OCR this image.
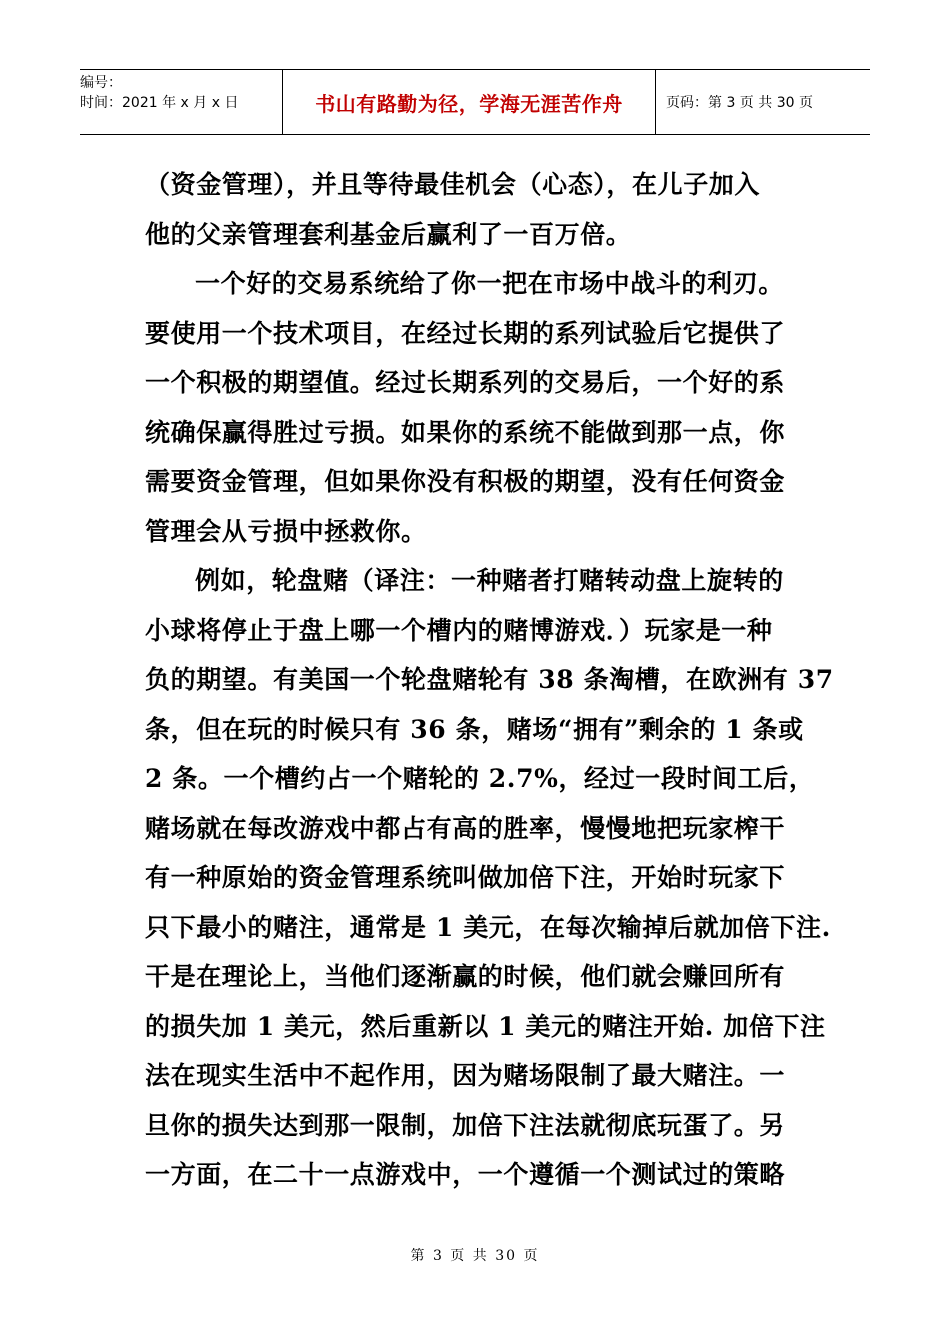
编号：
时间：2021 年 x 月 x 日	书山有路勤为径，学海无涯苦作舟	页码：第 3 页 共 30 页
（资金管理），并且等待最佳机会（心态），在儿子加入
他的父亲管理套利基金后赢利了一百万倍。
一个好的交易系统给了你一把在市场中战斗的利刃。
要使用一个技术项目，在经过长期的系列试验后它提供了
一个积极的期望值。经过长期系列的交易后，一个好的系
统确保赢得胜过亏损。如果你的系统不能做到那一点，你
需要资金管理，但如果你没有积极的期望，没有任何资金
管理会从亏损中拯救你。
例如，轮盘赌（译注：一种赌者打赌转动盘上旋转的
小球将停止于盘上哪一个槽内的赌博游戏．）玩家是一种
负的期望。有美国一个轮盘赌轮有 38 条淘槽，在欧洲有 37
条，但在玩的时候只有 36 条，赌场“拥有”剩余的 1 条或
2 条。一个槽约占一个赌轮的 2.7%，经过一段时间工后，
赌场就在每改游戏中都占有高的胜率，慢慢地把玩家榨干
有一种原始的资金管理系统叫做加倍下注，开始时玩家下
只下最小的赌注，通常是 1 美元，在每次输掉后就加倍下注.
干是在理论上，当他们逐渐赢的时候，他们就会赚回所有
的损失加 1 美元，然后重新以 1 美元的赌注开始. 加倍下注
法在现实生活中不起作用，因为赌场限制了最大赌注。一
旦你的损失达到那一限制，加倍下注法就彻底玩蛋了。另
一方面，在二十一点游戏中，一个遵循一个测试过的策略
第 3 页 共 30 页
